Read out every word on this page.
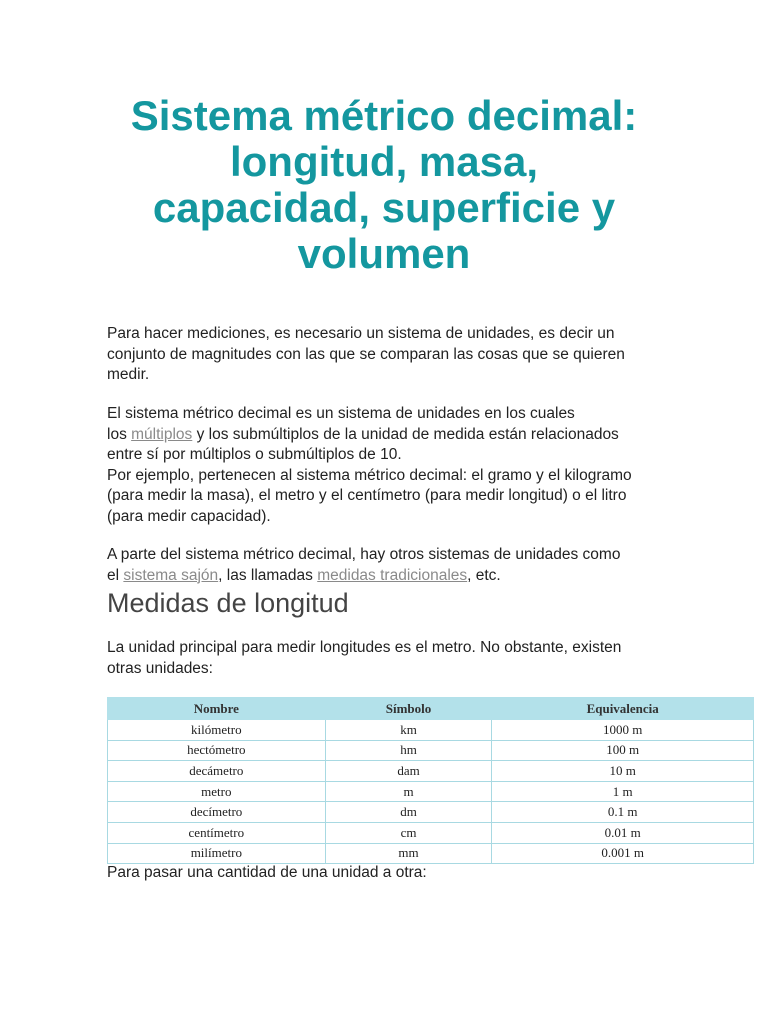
Sistema métrico decimal:
longitud, masa,
capacidad, superficie y
volumen

Para hacer mediciones, es necesario un sistema de unidades, es decir un
conjunto de magnitudes con las que se comparan las cosas que se quieren
medir.

El sistema métrico decimal es un sistema de unidades en los cuales
los múltiplos y los submúltiplos de la unidad de medida están relacionados
entre sí por múltiplos o submúltiplos de 10.
Por ejemplo, pertenecen al sistema métrico decimal: el gramo y el kilogramo
(para medir la masa), el metro y el centímetro (para medir longitud) o el litro
(para medir capacidad).

A parte del sistema métrico decimal, hay otros sistemas de unidades como
el sistema sajón, las llamadas medidas tradicionales, etc.

Medidas de longitud

La unidad principal para medir longitudes es el metro. No obstante, existen
otras unidades:

Nombre	Símbolo	Equivalencia
kilómetro	km	1000 m
hectómetro	hm	100 m
decámetro	dam	10 m
metro	m	1 m
decímetro	dm	0.1 m
centímetro	cm	0.01 m
milímetro	mm	0.001 m

Para pasar una cantidad de una unidad a otra:
